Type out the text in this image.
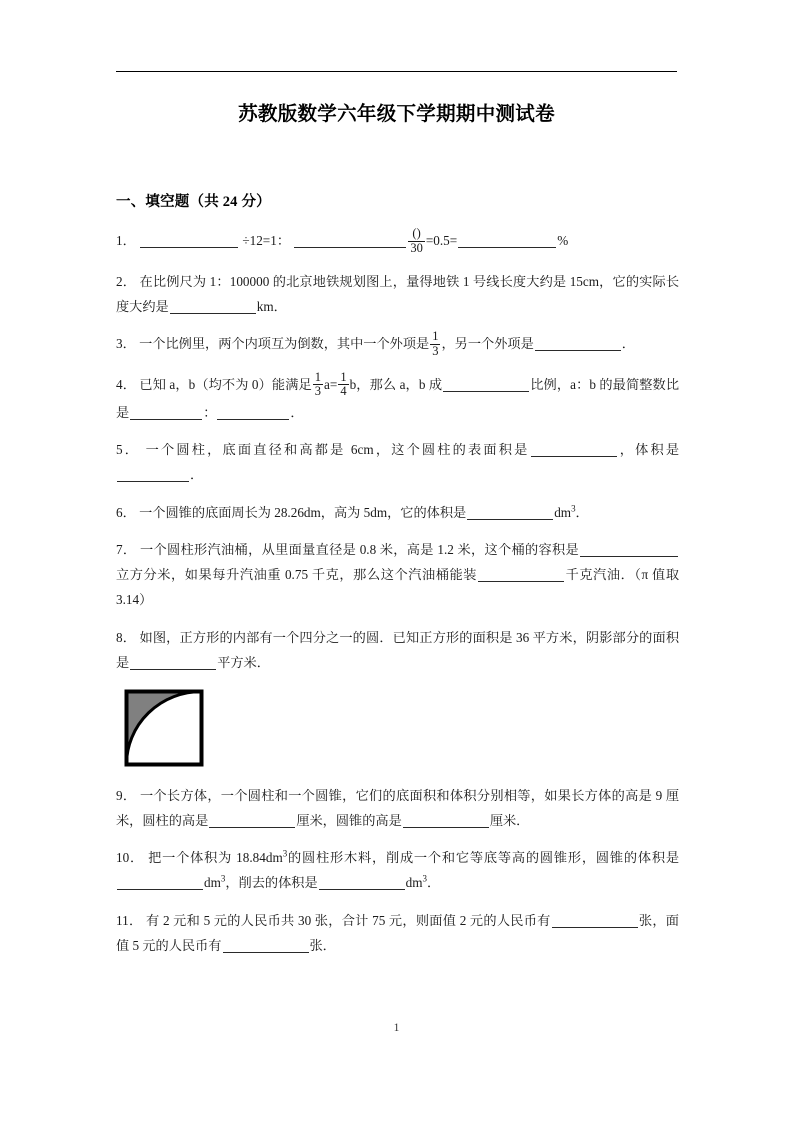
苏教版数学六年级下学期期中测试卷
一、填空题（共 24 分）
1．	÷12=1：	$\frac{()}{30} =0.5=$	%
2． 在比例尺为 1：100000 的北京地铁规划图上，量得地铁 1 号线长度大约是 15cm，它的实际长度大约是	km．
3． 一个比例里，两个内项互为倒数，其中一个外项是 $\frac{1}{3}$ ，另一个外项是	．
4． 已知 a，b（均不为 0）能满足 $\frac{1}{3} a= \frac{1}{4}$ b，那么 a，b 成	比例，a：b 的最简整数比是	：	．
5． 一个圆柱，底面直径和高都是 6cm，这个圆柱的表面积是	，体积是．
6． 一个圆锥的底面周长为 28.26dm，高为 5dm，它的体积是	$dm^3$．
7． 一个圆柱形汽油桶，从里面量直径是 0.8 米，高是 1.2 米，这个桶的容积是立方分米，如果每升汽油重 0.75 千克，那么这个汽油桶能装	千克汽油．（π 值取 3.14）
8． 如图，正方形的内部有一个四分之一的圆．已知正方形的面积是 36 平方米，阴影部分的面积是	平方米．
9． 一个长方体，一个圆柱和一个圆锥，它们的底面积和体积分别相等，如果长方体的高是 9 厘米，圆柱的高是	厘米，圆锥的高是	厘米．
10． 把一个体积为 $18.84dm^3$的圆柱形木料，削成一个和它等底等高的圆锥形，圆锥的体积是$dm^3$，削去的体积是	$dm^3$．
11． 有 2 元和 5 元的人民币共 30 张，合计 75 元，则面值 2 元的人民币有	张，面值 5 元的人民币有	张．
1
